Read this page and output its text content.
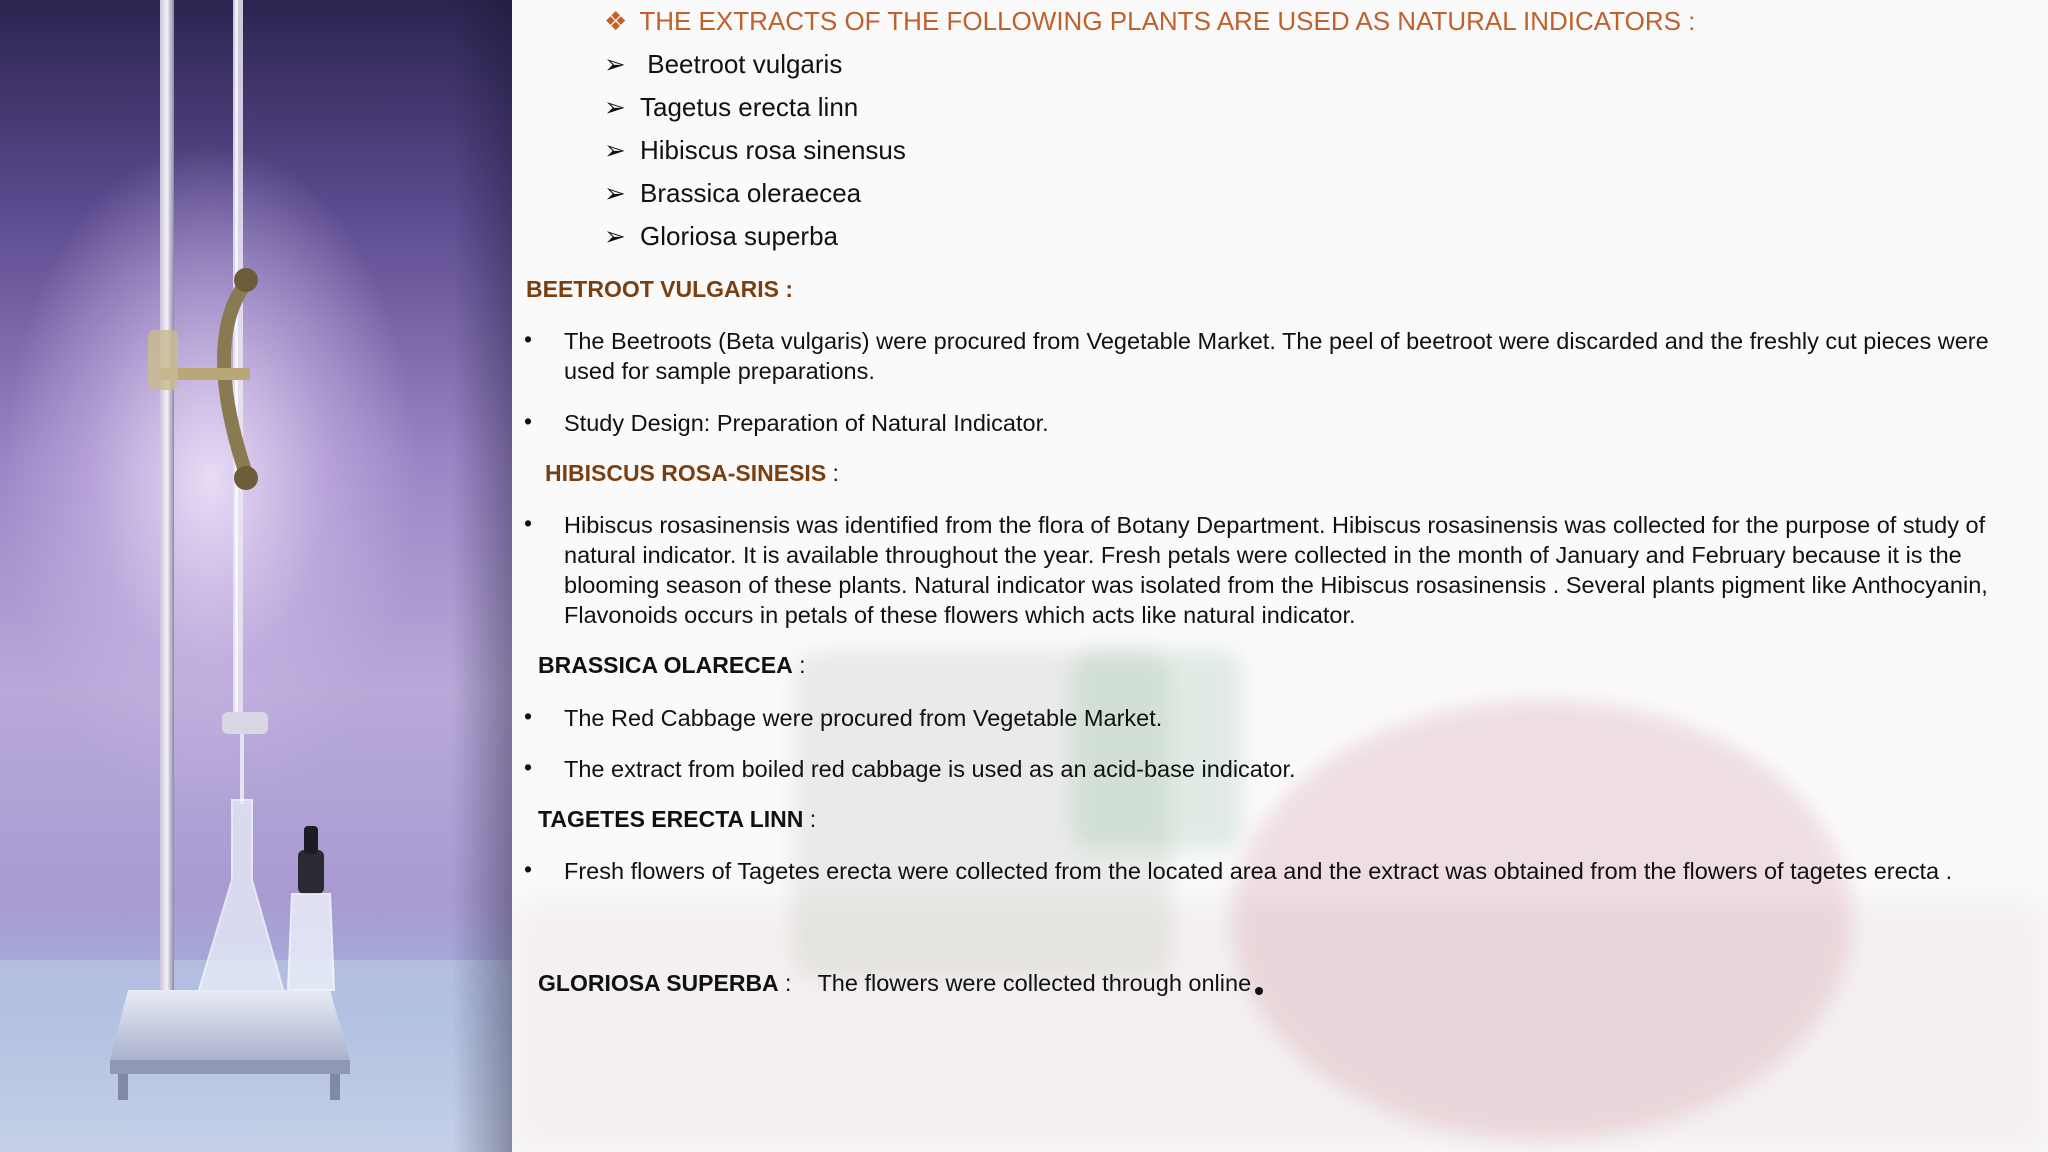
❖ THE EXTRACTS OF THE FOLLOWING PLANTS ARE USED AS NATURAL INDICATORS :
➢ Beetroot vulgaris
➢ Tagetus erecta linn
➢ Hibiscus rosa sinensus
➢ Brassica oleraecea
➢ Gloriosa superba
BEETROOT VULGARIS :
• The Beetroots (Beta vulgaris) were procured from Vegetable Market. The peel of beetroot were discarded and the freshly cut pieces were used for sample preparations.
• Study Design: Preparation of Natural Indicator.
HIBISCUS ROSA-SINESIS :
• Hibiscus rosasinensis was identified from the flora of Botany Department. Hibiscus rosasinensis was collected for the purpose of study of natural indicator. It is available throughout the year. Fresh petals were collected in the month of January and February because it is the blooming season of these plants. Natural indicator was isolated from the Hibiscus rosasinensis . Several plants pigment like Anthocyanin, Flavonoids occurs in petals of these flowers which acts like natural indicator.
BRASSICA OLARECEA :
• The Red Cabbage were procured from Vegetable Market.
• The extract from boiled red cabbage is used as an acid-base indicator.
TAGETES ERECTA LINN :
• Fresh flowers of Tagetes erecta were collected from the located area and the extract was obtained from the flowers of tagetes erecta .
GLORIOSA SUPERBA : The flowers were collected through online
